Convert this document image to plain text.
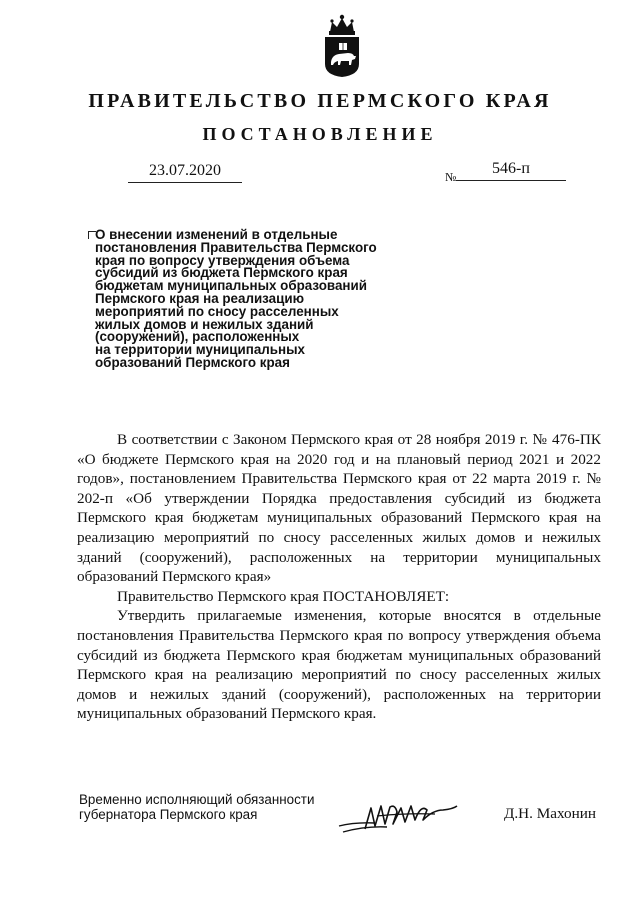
ПРАВИТЕЛЬСТВО ПЕРМСКОГО КРАЯ
ПОСТАНОВЛЕНИЕ
23.07.2020	№	546-п
О внесении изменений в отдельные
постановления Правительства Пермского
края по вопросу утверждения объема
субсидий из бюджета Пермского края
бюджетам муниципальных образований
Пермского края на реализацию
мероприятий по сносу расселенных
жилых домов и нежилых зданий
(сооружений), расположенных
на территории муниципальных
образований Пермского края

В соответствии с Законом Пермского края от 28 ноября 2019 г. № 476-ПК «О бюджете Пермского края на 2020 год и на плановый период 2021 и 2022 годов», постановлением Правительства Пермского края от 22 марта 2019 г. № 202-п «Об утверждении Порядка предоставления субсидий из бюджета Пермского края бюджетам муниципальных образований Пермского края на реализацию мероприятий по сносу расселенных жилых домов и нежилых зданий (сооружений), расположенных на территории муниципальных образований Пермского края»

Правительство Пермского края ПОСТАНОВЛЯЕТ:

Утвердить прилагаемые изменения, которые вносятся в отдельные постановления Правительства Пермского края по вопросу утверждения объема субсидий из бюджета Пермского края бюджетам муниципальных образований Пермского края на реализацию мероприятий по сносу расселенных жилых домов и нежилых зданий (сооружений), расположенных на территории муниципальных образований Пермского края.

Временно исполняющий обязанности
губернатора Пермского края	Д.Н. Махонин
